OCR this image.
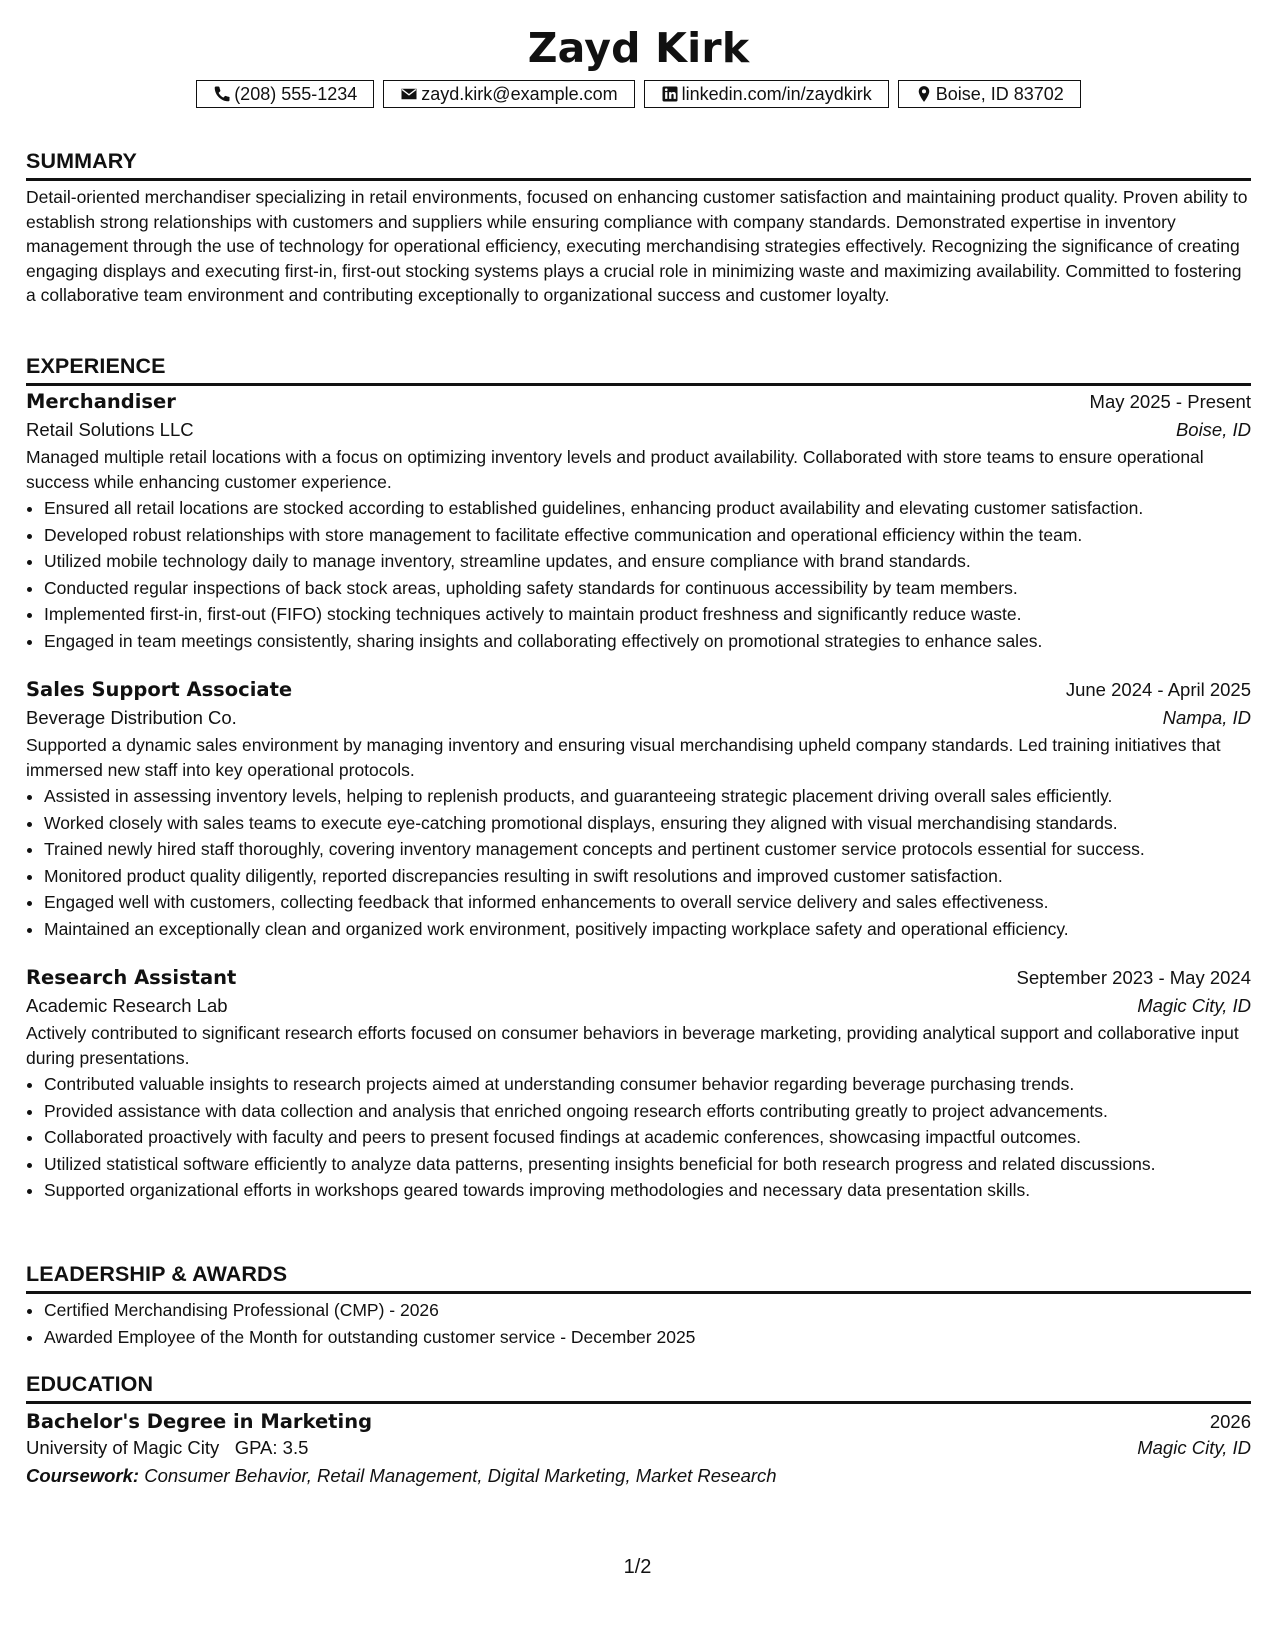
Zayd Kirk
(208) 555-1234	zayd.kirk@example.com	linkedin.com/in/zaydkirk	Boise, ID 83702
SUMMARY
Detail-oriented merchandiser specializing in retail environments, focused on enhancing customer satisfaction and maintaining product quality. Proven ability to establish strong relationships with customers and suppliers while ensuring compliance with company standards. Demonstrated expertise in inventory management through the use of technology for operational efficiency, executing merchandising strategies effectively. Recognizing the significance of creating engaging displays and executing first-in, first-out stocking systems plays a crucial role in minimizing waste and maximizing availability. Committed to fostering a collaborative team environment and contributing exceptionally to organizational success and customer loyalty.
EXPERIENCE
Merchandiser	May 2025 - Present
Retail Solutions LLC	Boise, ID
Managed multiple retail locations with a focus on optimizing inventory levels and product availability. Collaborated with store teams to ensure operational success while enhancing customer experience.
• Ensured all retail locations are stocked according to established guidelines, enhancing product availability and elevating customer satisfaction.
• Developed robust relationships with store management to facilitate effective communication and operational efficiency within the team.
• Utilized mobile technology daily to manage inventory, streamline updates, and ensure compliance with brand standards.
• Conducted regular inspections of back stock areas, upholding safety standards for continuous accessibility by team members.
• Implemented first-in, first-out (FIFO) stocking techniques actively to maintain product freshness and significantly reduce waste.
• Engaged in team meetings consistently, sharing insights and collaborating effectively on promotional strategies to enhance sales.
Sales Support Associate	June 2024 - April 2025
Beverage Distribution Co.	Nampa, ID
Supported a dynamic sales environment by managing inventory and ensuring visual merchandising upheld company standards. Led training initiatives that immersed new staff into key operational protocols.
• Assisted in assessing inventory levels, helping to replenish products, and guaranteeing strategic placement driving overall sales efficiently.
• Worked closely with sales teams to execute eye-catching promotional displays, ensuring they aligned with visual merchandising standards.
• Trained newly hired staff thoroughly, covering inventory management concepts and pertinent customer service protocols essential for success.
• Monitored product quality diligently, reported discrepancies resulting in swift resolutions and improved customer satisfaction.
• Engaged well with customers, collecting feedback that informed enhancements to overall service delivery and sales effectiveness.
• Maintained an exceptionally clean and organized work environment, positively impacting workplace safety and operational efficiency.
Research Assistant	September 2023 - May 2024
Academic Research Lab	Magic City, ID
Actively contributed to significant research efforts focused on consumer behaviors in beverage marketing, providing analytical support and collaborative input during presentations.
• Contributed valuable insights to research projects aimed at understanding consumer behavior regarding beverage purchasing trends.
• Provided assistance with data collection and analysis that enriched ongoing research efforts contributing greatly to project advancements.
• Collaborated proactively with faculty and peers to present focused findings at academic conferences, showcasing impactful outcomes.
• Utilized statistical software efficiently to analyze data patterns, presenting insights beneficial for both research progress and related discussions.
• Supported organizational efforts in workshops geared towards improving methodologies and necessary data presentation skills.
LEADERSHIP & AWARDS
• Certified Merchandising Professional (CMP) - 2026
• Awarded Employee of the Month for outstanding customer service - December 2025
EDUCATION
Bachelor's Degree in Marketing	2026
University of Magic City GPA: 3.5	Magic City, ID
Coursework: Consumer Behavior, Retail Management, Digital Marketing, Market Research
1/2
